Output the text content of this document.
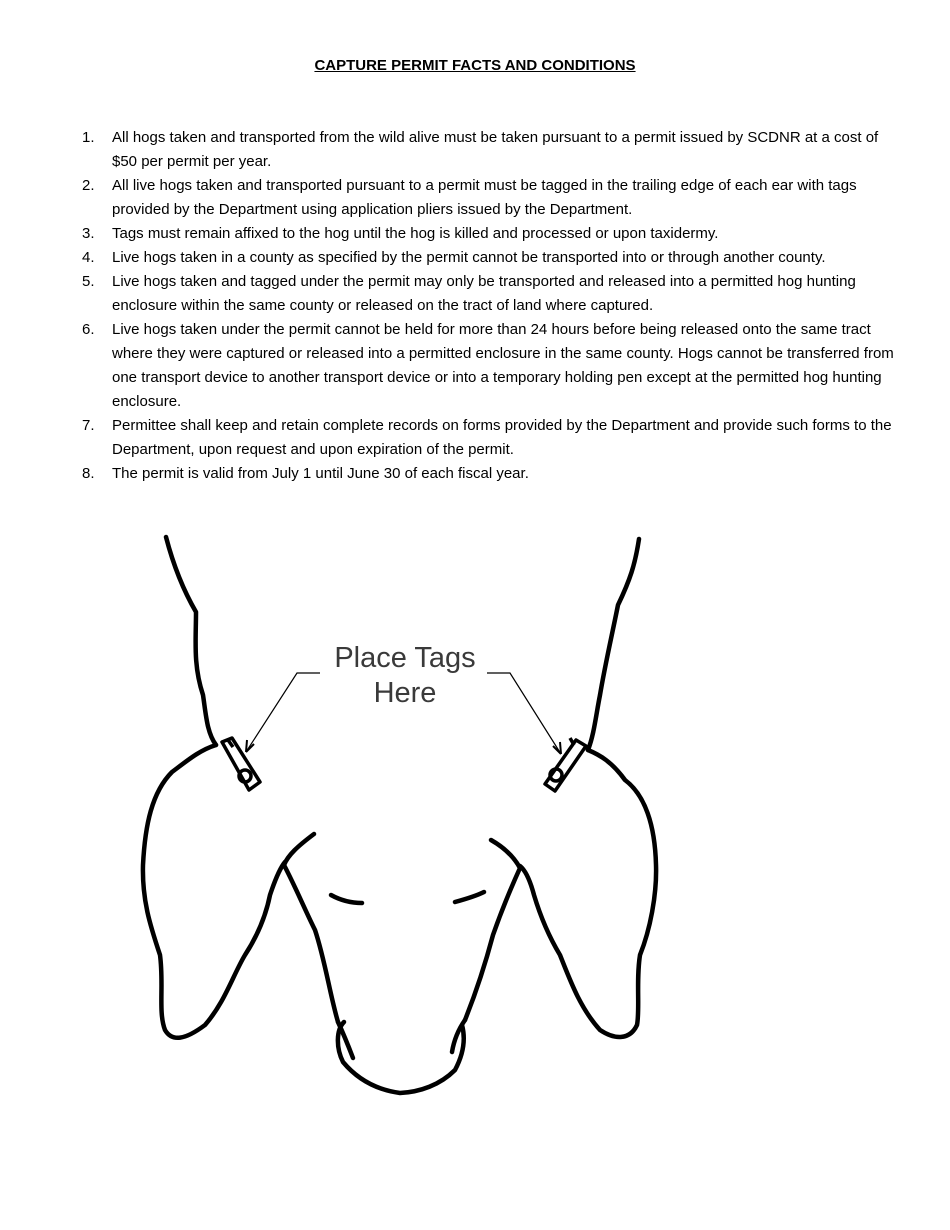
CAPTURE PERMIT FACTS AND CONDITIONS
1.	All hogs taken and transported from the wild alive must be taken pursuant to a permit issued by SCDNR at a cost of $50 per permit per year.
2.	All live hogs taken and transported pursuant to a permit must be tagged in the trailing edge of each ear with tags provided by the Department using application pliers issued by the Department.
3.	Tags must remain affixed to the hog until the hog is killed and processed or upon taxidermy.
4.	Live hogs taken in a county as specified by the permit cannot be transported into or through another county.
5.	Live hogs taken and tagged under the permit may only be transported and released into a permitted hog hunting enclosure within the same county or released on the tract of land where captured.
6.	Live hogs taken under the permit cannot be held for more than 24 hours before being released onto the same tract where they were captured or released into a permitted enclosure in the same county. Hogs cannot be transferred from one transport device to another transport device or into a temporary holding pen except at the permitted hog hunting enclosure.
7.	Permittee shall keep and retain complete records on forms provided by the Department and provide such forms to the Department, upon request and upon expiration of the permit.
8.	The permit is valid from July 1 until June 30 of each fiscal year.
Place Tags
Here
